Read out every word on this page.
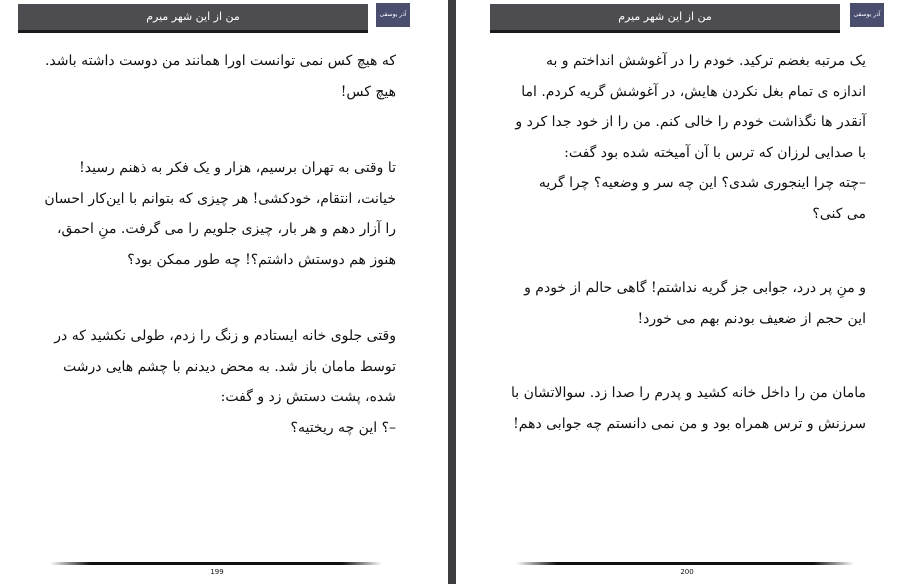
من از این شهر میرم	آذر یوسفی
که هیچ کس نمی توانست اورا همانند من دوست داشته باشد.
هیچ کس!
تا وقتی به تهران برسیم، هزار و یک فکر به ذهنم رسید!
خیانت، انتقام، خودکشی! هر چیزی که بتوانم با این‌کار احسان
را آزار دهم و هر بار، چیزی جلویم را می گرفت. منِ احمق،
هنوز هم دوستش داشتم؟! چه طور ممکن بود؟
وقتی جلوی خانه ایستادم و زنگ را زدم، طولی نکشید که در
توسط مامان باز شد. به محض دیدنم با چشم هایی درشت
شده، پشت دستش زد و گفت:
–؟ این چه ریختیه؟
199
من از این شهر میرم	آذر یوسفی
یک مرتبه بغضم ترکید. خودم را در آغوشش انداختم و به
اندازه ی تمام بغل نکردن هایش، در آغوشش گریه کردم. اما
آنقدر ها نگذاشت خودم را خالی کنم. من را از خود جدا کرد و
با صدایی لرزان که ترس با آن آمیخته شده بود گفت:
–چته چرا اینجوری شدی؟ این چه سر و وضعیه؟ چرا گریه
می کنی؟
و منِ پر درد، جوابی جز گریه نداشتم! گاهی حالم از خودم و
این حجم از ضعیف بودنم بهم می خورد!
مامان من را داخل خانه کشید و پدرم را صدا زد. سوالاتشان با
سرزنش و ترس همراه بود و من نمی دانستم چه جوابی دهم!
200
